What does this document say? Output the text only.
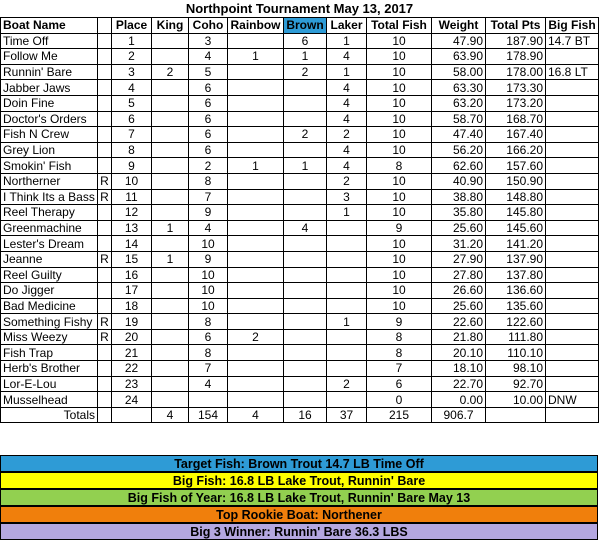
Northpoint Tournament May 13, 2017
Boat Name		Place	King	Coho	Rainbow	Brown	Laker	Total Fish	Weight	Total Pts	Big Fish
Time Off		1		3		6	1	10	47.90	187.90	14.7 BT
Follow Me		2		4	1	1	4	10	63.90	178.90	
Runnin' Bare		3	2	5		2	1	10	58.00	178.00	16.8 LT
Jabber Jaws		4		6			4	10	63.30	173.30	
Doin Fine		5		6			4	10	63.20	173.20	
Doctor's Orders		6		6			4	10	58.70	168.70	
Fish N Crew		7		6		2	2	10	47.40	167.40	
Grey Lion		8		6			4	10	56.20	166.20	
Smokin' Fish		9		2	1	1	4	8	62.60	157.60	
Northerner	R	10		8			2	10	40.90	150.90	
I Think Its a Bass	R	11		7			3	10	38.80	148.80	
Reel Therapy		12		9			1	10	35.80	145.80	
Greenmachine		13	1	4		4		9	25.60	145.60	
Lester's Dream		14		10				10	31.20	141.20	
Jeanne	R	15	1	9				10	27.90	137.90	
Reel Guilty		16		10				10	27.80	137.80	
Do Jigger		17		10				10	26.60	136.60	
Bad Medicine		18		10				10	25.60	135.60	
Something Fishy	R	19		8			1	9	22.60	122.60	
Miss Weezy	R	20		6	2			8	21.80	111.80	
Fish Trap		21		8				8	20.10	110.10	
Herb's Brother		22		7				7	18.10	98.10	
Lor-E-Lou		23		4			2	6	22.70	92.70	
Musselhead		24						0	0.00	10.00	DNW
Totals			4	154	4	16	37	215	906.7		
Target Fish: Brown Trout 14.7 LB Time Off
Big Fish: 16.8 LB Lake Trout, Runnin' Bare
Big Fish of Year: 16.8 LB Lake Trout, Runnin' Bare May 13
Top Rookie Boat: Northener
Big 3 Winner: Runnin' Bare 36.3 LBS
